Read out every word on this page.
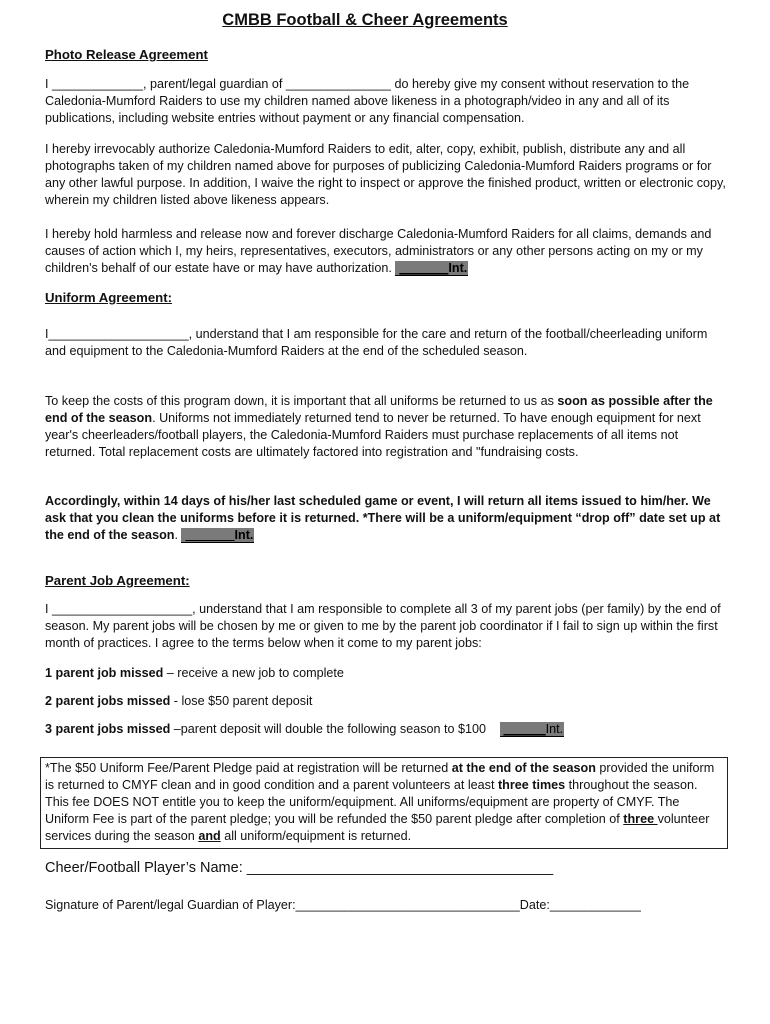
CMBB Football & Cheer Agreements
Photo Release Agreement
I _____________, parent/legal guardian of _______________ do hereby give my consent without reservation to the Caledonia-Mumford Raiders to use my children named above likeness in a photograph/video in any and all of its publications, including website entries without payment or any financial compensation.
I hereby irrevocably authorize Caledonia-Mumford Raiders to edit, alter, copy, exhibit, publish, distribute any and all photographs taken of my children named above for purposes of publicizing Caledonia-Mumford Raiders programs or for any other lawful purpose. In addition, I waive the right to inspect or approve the finished product, written or electronic copy, wherein my children listed above likeness appears.
I hereby hold harmless and release now and forever discharge Caledonia-Mumford Raiders for all claims, demands and causes of action which I, my heirs, representatives, executors, administrators or any other persons acting on my or my children's behalf of our estate have or may have authorization. _______Int.
Uniform Agreement:
I____________________, understand that I am responsible for the care and return of the football/cheerleading uniform and equipment to the Caledonia-Mumford Raiders at the end of the scheduled season.
To keep the costs of this program down, it is important that all uniforms be returned to us as soon as possible after the end of the season. Uniforms not immediately returned tend to never be returned. To have enough equipment for next year's cheerleaders/football players, the Caledonia-Mumford Raiders must purchase replacements of all items not returned. Total replacement costs are ultimately factored into registration and "fundraising costs.
Accordingly, within 14 days of his/her last scheduled game or event, I will return all items issued to him/her. We ask that you clean the uniforms before it is returned. *There will be a uniform/equipment “drop off” date set up at the end of the season. _______Int.
Parent Job Agreement:
I ____________________, understand that I am responsible to complete all 3 of my parent jobs (per family) by the end of season. My parent jobs will be chosen by me or given to me by the parent job coordinator if I fail to sign up within the first month of practices. I agree to the terms below when it come to my parent jobs:
1 parent job missed – receive a new job to complete
2 parent jobs missed - lose $50 parent deposit
3 parent jobs missed –parent deposit will double the following season to $100 ______Int.
*The $50 Uniform Fee/Parent Pledge paid at registration will be returned at the end of the season provided the uniform is returned to CMYF clean and in good condition and a parent volunteers at least three times throughout the season. This fee DOES NOT entitle you to keep the uniform/equipment. All uniforms/equipment are property of CMYF. The Uniform Fee is part of the parent pledge; you will be refunded the $50 parent pledge after completion of three volunteer services during the season and all uniform/equipment is returned.
Cheer/Football Player’s Name: ______________________________________
Signature of Parent/legal Guardian of Player:________________________________Date:_____________
